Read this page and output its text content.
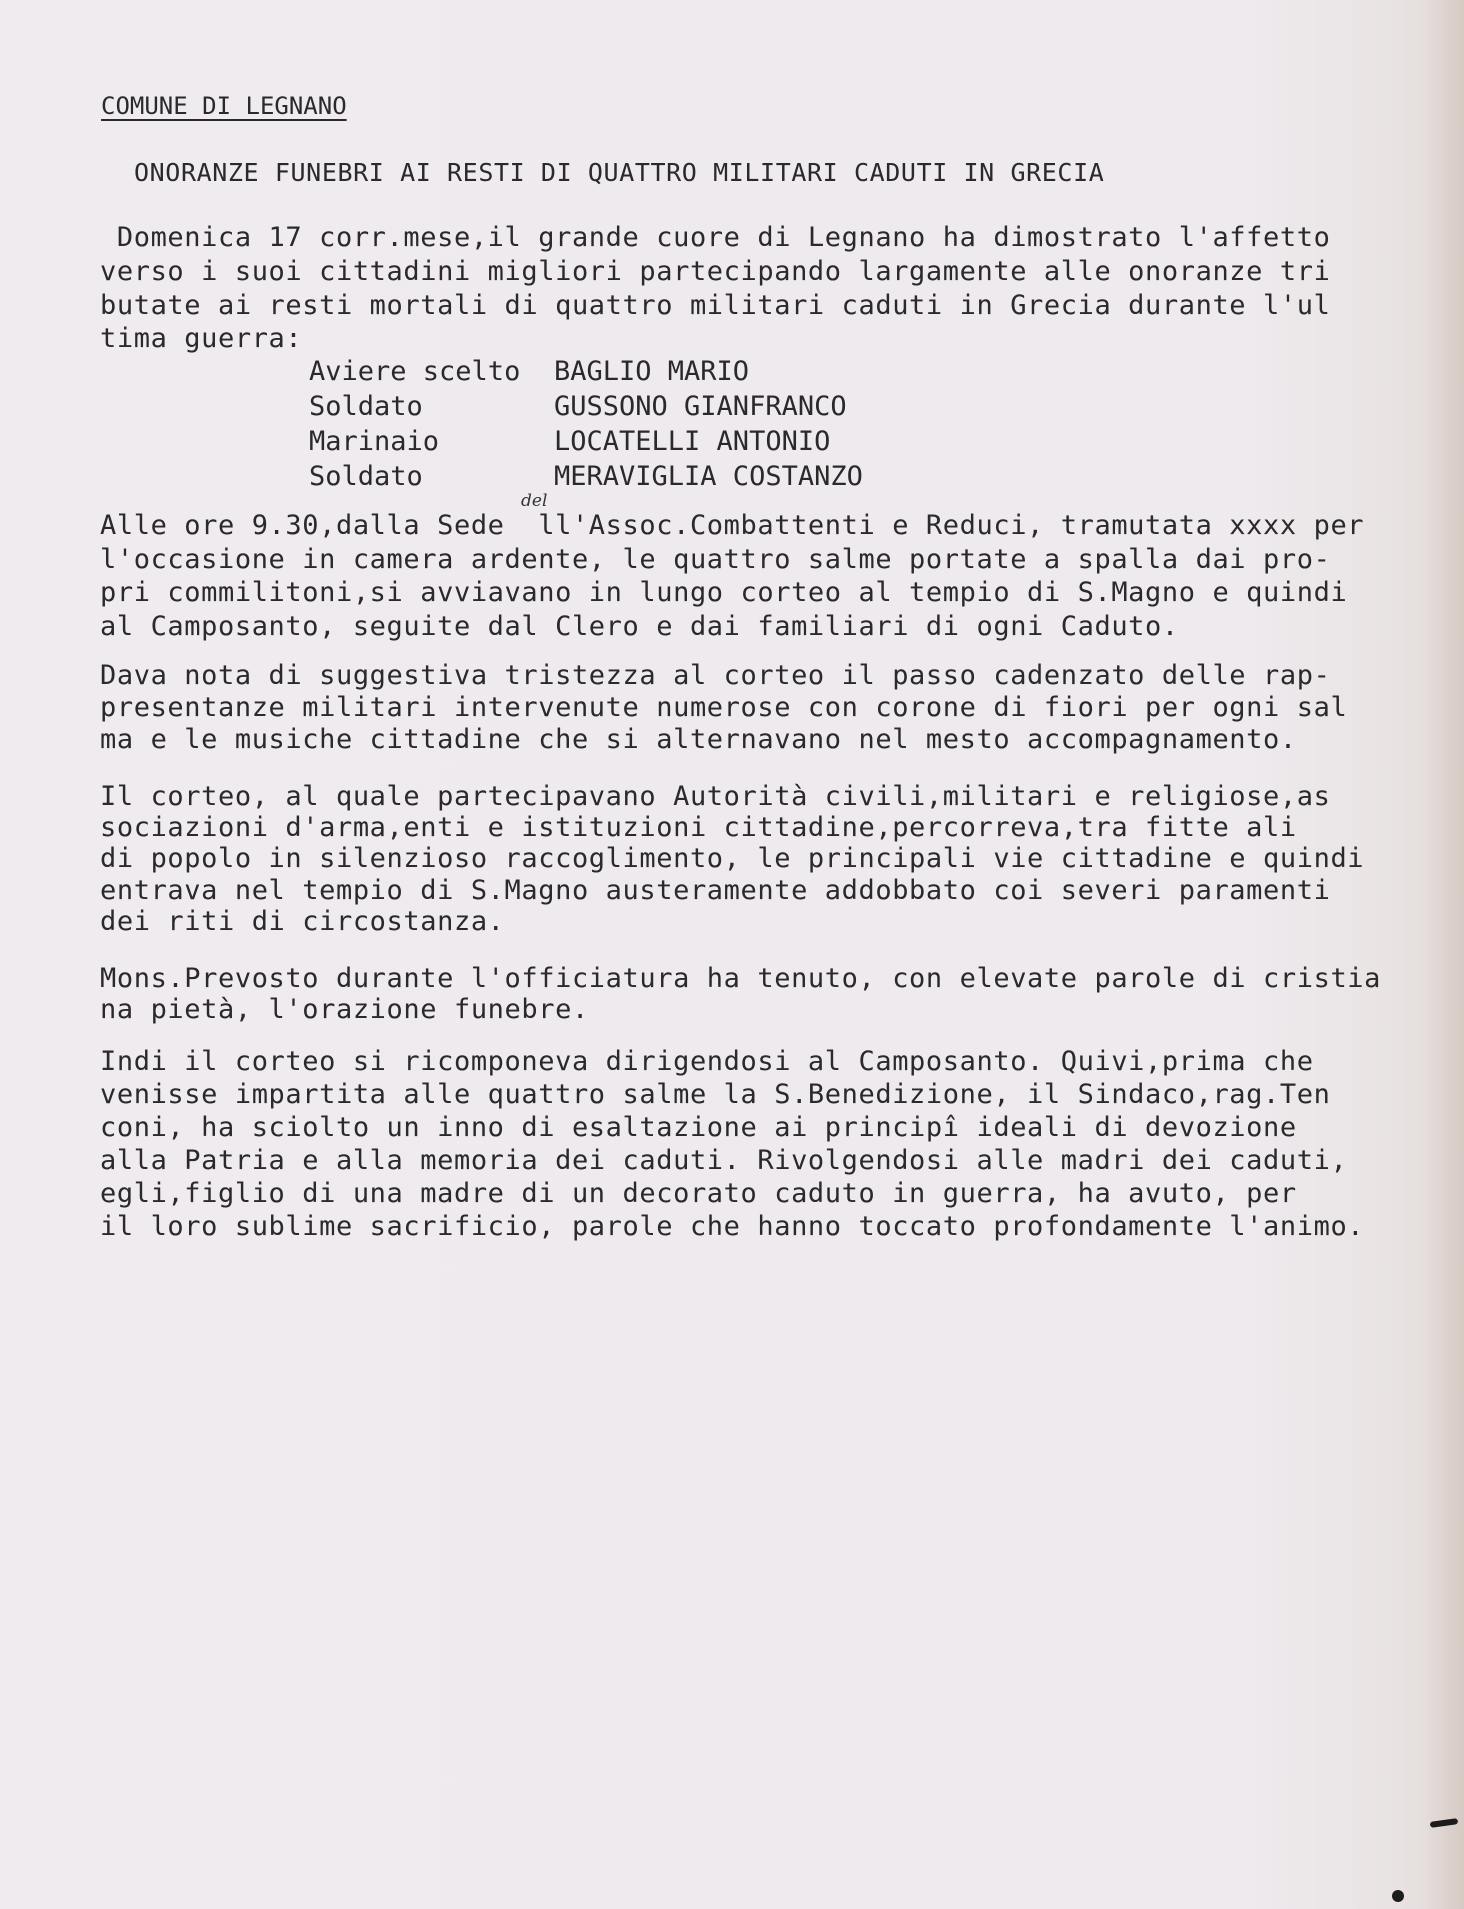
COMUNE DI LEGNANO
ONORANZE FUNEBRI AI RESTI DI QUATTRO MILITARI CADUTI IN GRECIA
Domenica 17 corr.mese,il grande cuore di Legnano ha dimostrato l'affetto
verso i suoi cittadini migliori partecipando largamente alle onoranze tri
butate ai resti mortali di quattro militari caduti in Grecia durante l'ul
tima guerra:
Aviere scelto	BAGLIO MARIO
Soldato	GUSSONO GIANFRANCO
Marinaio	LOCATELLI ANTONIO
Soldato	MERAVIGLIA COSTANZO
del
Alle ore 9.30,dalla Sede  ll'Assoc.Combattenti e Reduci, tramutata xxxx per
l'occasione in camera ardente, le quattro salme portate a spalla dai pro-
pri commilitoni,si avviavano in lungo corteo al tempio di S.Magno e quindi
al Camposanto, seguite dal Clero e dai familiari di ogni Caduto.
Dava nota di suggestiva tristezza al corteo il passo cadenzato delle rap-
presentanze militari intervenute numerose con corone di fiori per ogni sal
ma e le musiche cittadine che si alternavano nel mesto accompagnamento.
Il corteo, al quale partecipavano Autorità civili,militari e religiose,as
sociazioni d'arma,enti e istituzioni cittadine,percorreva,tra fitte ali
di popolo in silenzioso raccoglimento, le principali vie cittadine e quindi
entrava nel tempio di S.Magno austeramente addobbato coi severi paramenti
dei riti di circostanza.
Mons.Prevosto durante l'officiatura ha tenuto, con elevate parole di cristia
na pietà, l'orazione funebre.
Indi il corteo si ricomponeva dirigendosi al Camposanto. Quivi,prima che
venisse impartita alle quattro salme la S.Benedizione, il Sindaco,rag.Ten
coni, ha sciolto un inno di esaltazione ai principî ideali di devozione
alla Patria e alla memoria dei caduti. Rivolgendosi alle madri dei caduti,
egli,figlio di una madre di un decorato caduto in guerra, ha avuto, per
il loro sublime sacrificio, parole che hanno toccato profondamente l'animo.
